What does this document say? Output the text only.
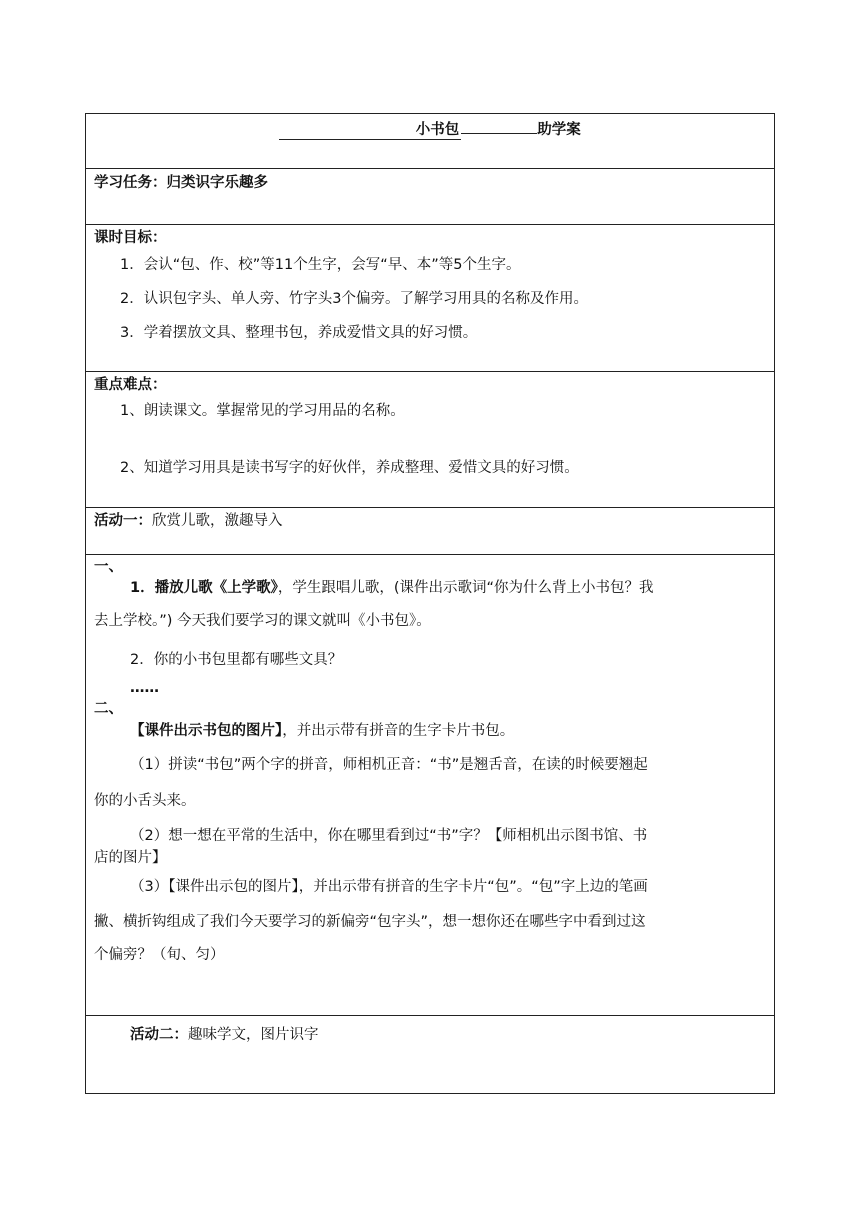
小书包	助学案
学习任务：归类识字乐趣多
课时目标：
1．会认“包、作、校”等11个生字，会写“早、本”等5个生字。
2．认识包字头、单人旁、竹字头3个偏旁。了解学习用具的名称及作用。
3．学着摆放文具、整理书包，养成爱惜文具的好习惯。
重点难点：
1、朗读课文。掌握常见的学习用品的名称。
2、知道学习用具是读书写字的好伙伴，养成整理、爱惜文具的好习惯。
活动一：欣赏儿歌，激趣导入
一、
1．播放儿歌《上学歌》，学生跟唱儿歌，(课件出示歌词“你为什么背上小书包？我
去上学校。”) 今天我们要学习的课文就叫《小书包》。
2．你的小书包里都有哪些文具？
……
二、
【课件出示书包的图片】，并出示带有拼音的生字卡片书包。
（1）拼读“书包”两个字的拼音，师相机正音：“书”是翘舌音，在读的时候要翘起
你的小舌头来。
（2）想一想在平常的生活中，你在哪里看到过“书”字？【师相机出示图书馆、书
店的图片】
（3）【课件出示包的图片】，并出示带有拼音的生字卡片“包”。“包”字上边的笔画
撇、横折钩组成了我们今天要学习的新偏旁“包字头”，想一想你还在哪些字中看到过这
个偏旁？（旬、匀）
活动二：趣味学文，图片识字
